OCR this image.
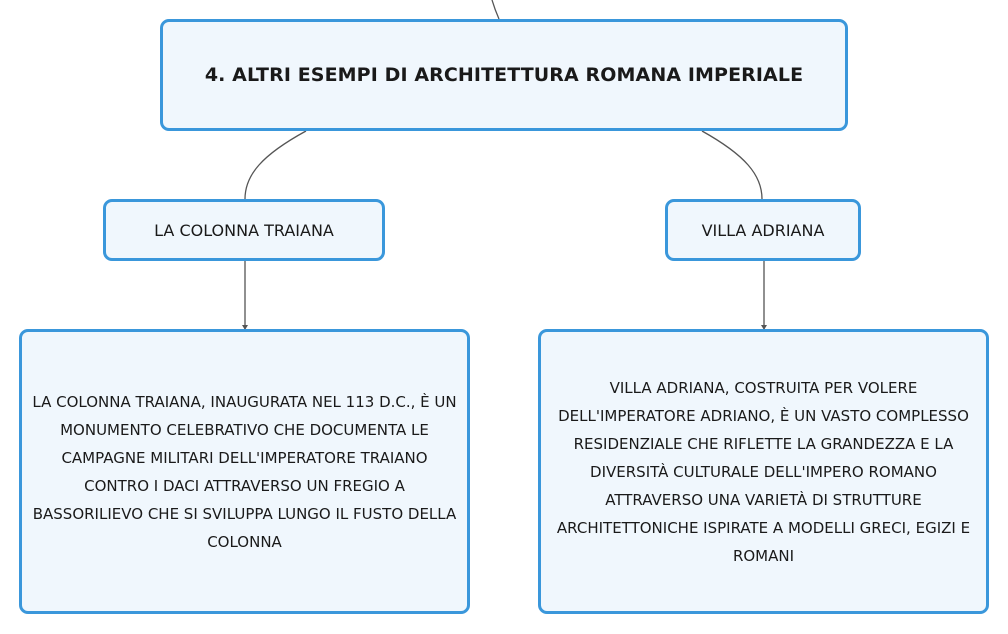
4. ALTRI ESEMPI DI ARCHITETTURA ROMANA IMPERIALE
LA COLONNA TRAIANA	VILLA ADRIANA
LA COLONNA TRAIANA, INAUGURATA NEL 113 D.C., È UN MONUMENTO CELEBRATIVO CHE DOCUMENTA LE CAMPAGNE MILITARI DELL'IMPERATORE TRAIANO CONTRO I DACI ATTRAVERSO UN FREGIO A BASSORILIEVO CHE SI SVILUPPA LUNGO IL FUSTO DELLA COLONNA
VILLA ADRIANA, COSTRUITA PER VOLERE DELL'IMPERATORE ADRIANO, È UN VASTO COMPLESSO RESIDENZIALE CHE RIFLETTE LA GRANDEZZA E LA DIVERSITÀ CULTURALE DELL'IMPERO ROMANO ATTRAVERSO UNA VARIETÀ DI STRUTTURE ARCHITETTONICHE ISPIRATE A MODELLI GRECI, EGIZI E ROMANI
